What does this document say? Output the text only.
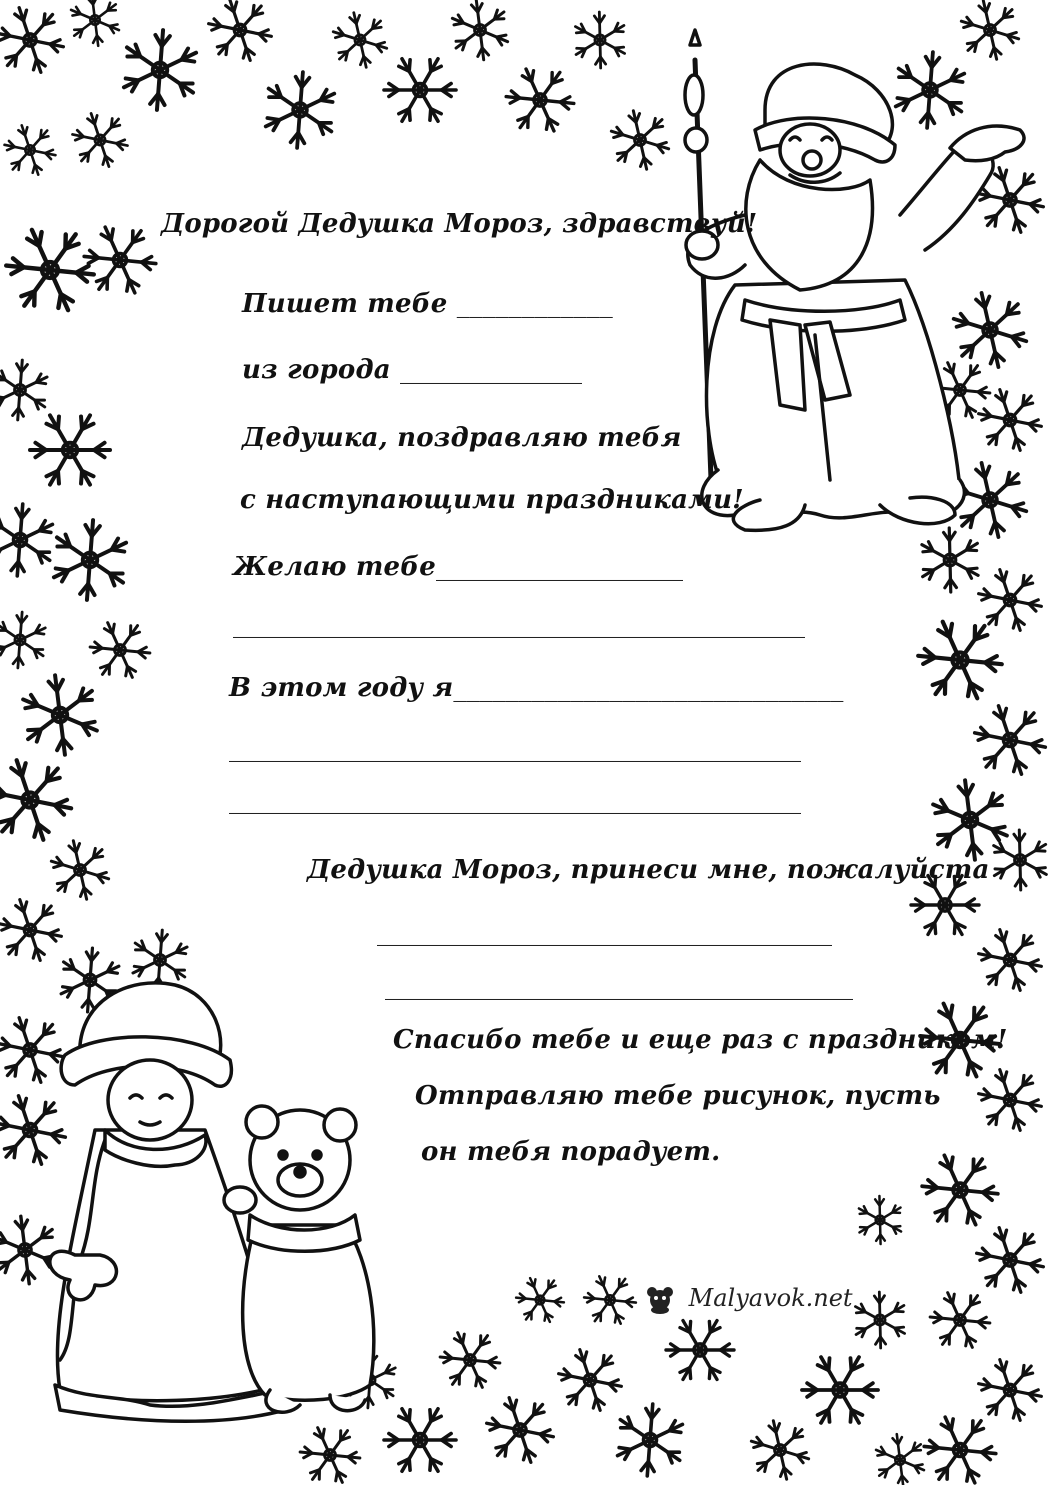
Дорогой Дедушка Мороз, здравствуй!

Пишет тебе ____________

из города ______________

Дедушка, поздравляю тебя

с наступающими праздниками!

Желаю тебе___________________

____________________________________________

В этом году я______________________________

____________________________________________

____________________________________________

Дедушка Мороз, принеси мне, пожалуйста

___________________________________

____________________________________

Спасибо тебе и еще раз с праздником!

Отправляю тебе рисунок, пусть

он тебя порадует.

Malyavok.net
